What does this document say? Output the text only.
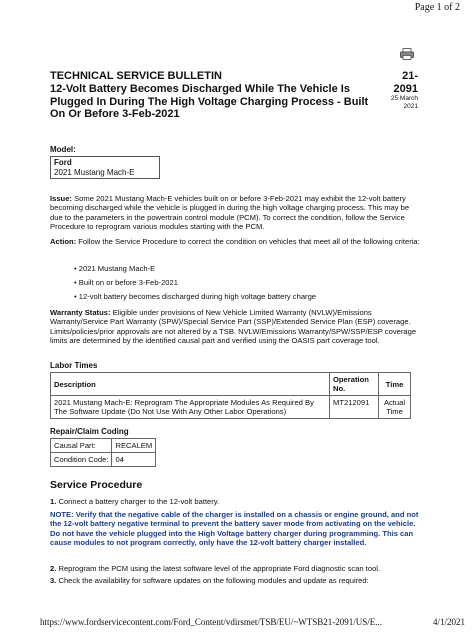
Page 1 of 2
TECHNICAL SERVICE BULLETIN
12-Volt Battery Becomes Discharged While The Vehicle Is Plugged In During The High Voltage Charging Process - Built On Or Before 3-Feb-2021
21-2091
25 March 2021
Model:
Ford
2021 Mustang Mach-E
Issue: Some 2021 Mustang Mach-E vehicles built on or before 3-Feb-2021 may exhibit the 12-volt battery becoming discharged while the vehicle is plugged in during the high voltage charging process. This may be due to the parameters in the powertrain control module (PCM). To correct the condition, follow the Service Procedure to reprogram various modules starting with the PCM.
Action: Follow the Service Procedure to correct the condition on vehicles that meet all of the following criteria:
• 2021 Mustang Mach-E
• Built on or before 3-Feb-2021
• 12-volt battery becomes discharged during high voltage battery charge
Warranty Status: Eligible under provisions of New Vehicle Limited Warranty (NVLW)/Emissions Warranty/Service Part Warranty (SPW)/Special Service Part (SSP)/Extended Service Plan (ESP) coverage. Limits/policies/prior approvals are not altered by a TSB. NVLW/Emissions Warranty/SPW/SSP/ESP coverage limits are determined by the identified causal part and verified using the OASIS part coverage tool.
Labor Times
Description	Operation No.	Time
2021 Mustang Mach-E: Reprogram The Appropriate Modules As Required By The Software Update (Do Not Use With Any Other Labor Operations)	MT212091	Actual Time
Repair/Claim Coding
Causal Part:	RECALEM
Condition Code:	04
Service Procedure
1. Connect a battery charger to the 12-volt battery.
NOTE: Verify that the negative cable of the charger is installed on a chassis or engine ground, and not the 12-volt battery negative terminal to prevent the battery saver mode from activating on the vehicle. Do not have the vehicle plugged into the High Voltage battery charger during programming. This can cause modules to not program correctly, only have the 12-volt battery charger installed.
2. Reprogram the PCM using the latest software level of the appropriate Ford diagnostic scan tool.
3. Check the availability for software updates on the following modules and update as required:
https://www.fordservicecontent.com/Ford_Content/vdirsmet/TSB/EU/~WTSB21-2091/US/E...	4/1/2021
